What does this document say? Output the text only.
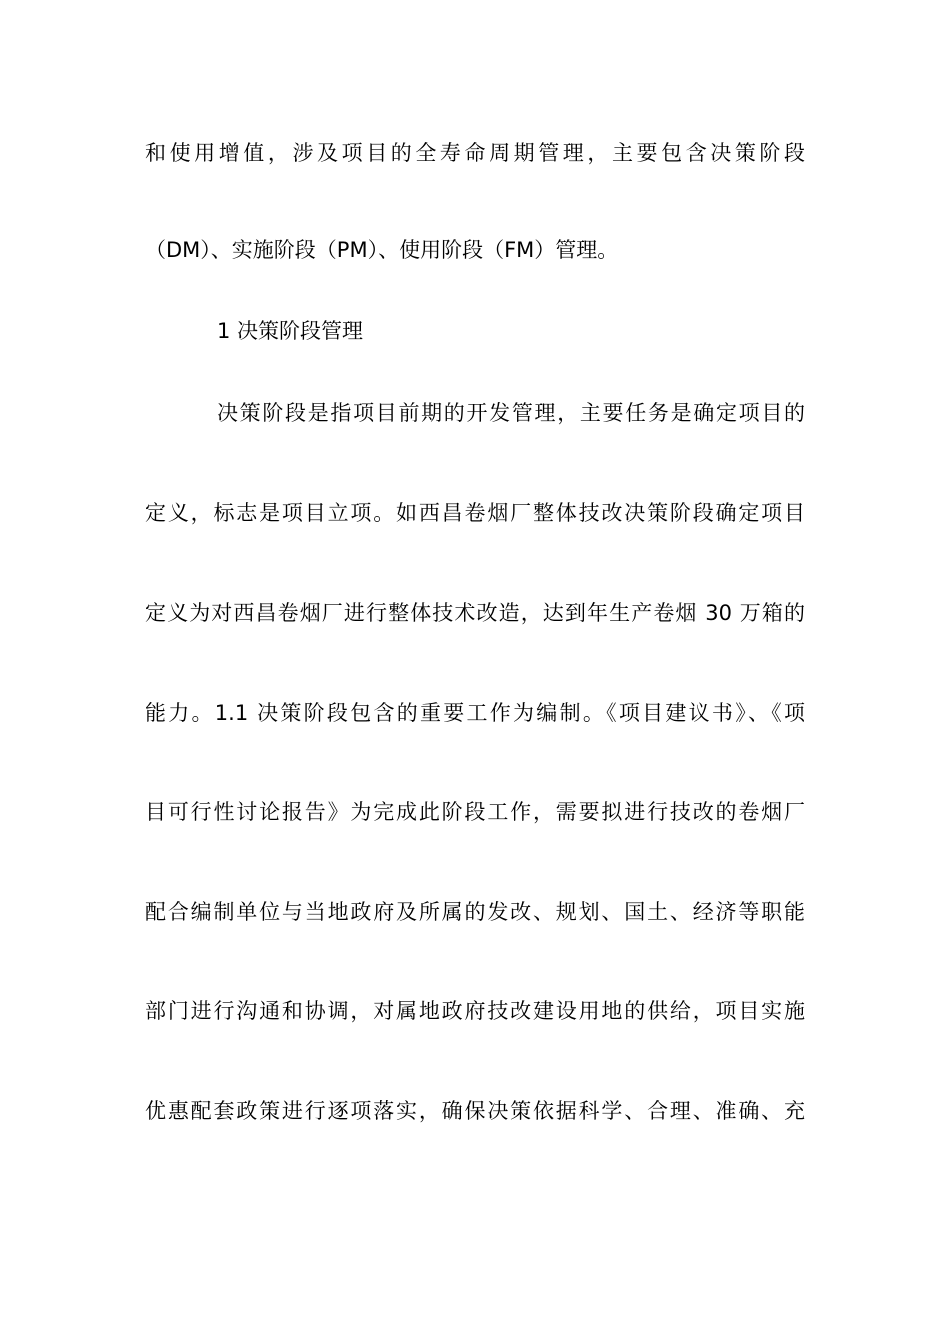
和使用增值，涉及项目的全寿命周期管理，主要包含决策阶段
（DM）、实施阶段（PM）、使用阶段（FM）管理。
1 决策阶段管理
决策阶段是指项目前期的开发管理，主要任务是确定项目的
定义，标志是项目立项。如西昌卷烟厂整体技改决策阶段确定项目
定义为对西昌卷烟厂进行整体技术改造，达到年生产卷烟 30 万箱的
能力。1.1 决策阶段包含的重要工作为编制。《项目建议书》、《项
目可行性讨论报告》为完成此阶段工作，需要拟进行技改的卷烟厂
配合编制单位与当地政府及所属的发改、规划、国土、经济等职能
部门进行沟通和协调，对属地政府技改建设用地的供给，项目实施
优惠配套政策进行逐项落实，确保决策依据科学、合理、准确、充
